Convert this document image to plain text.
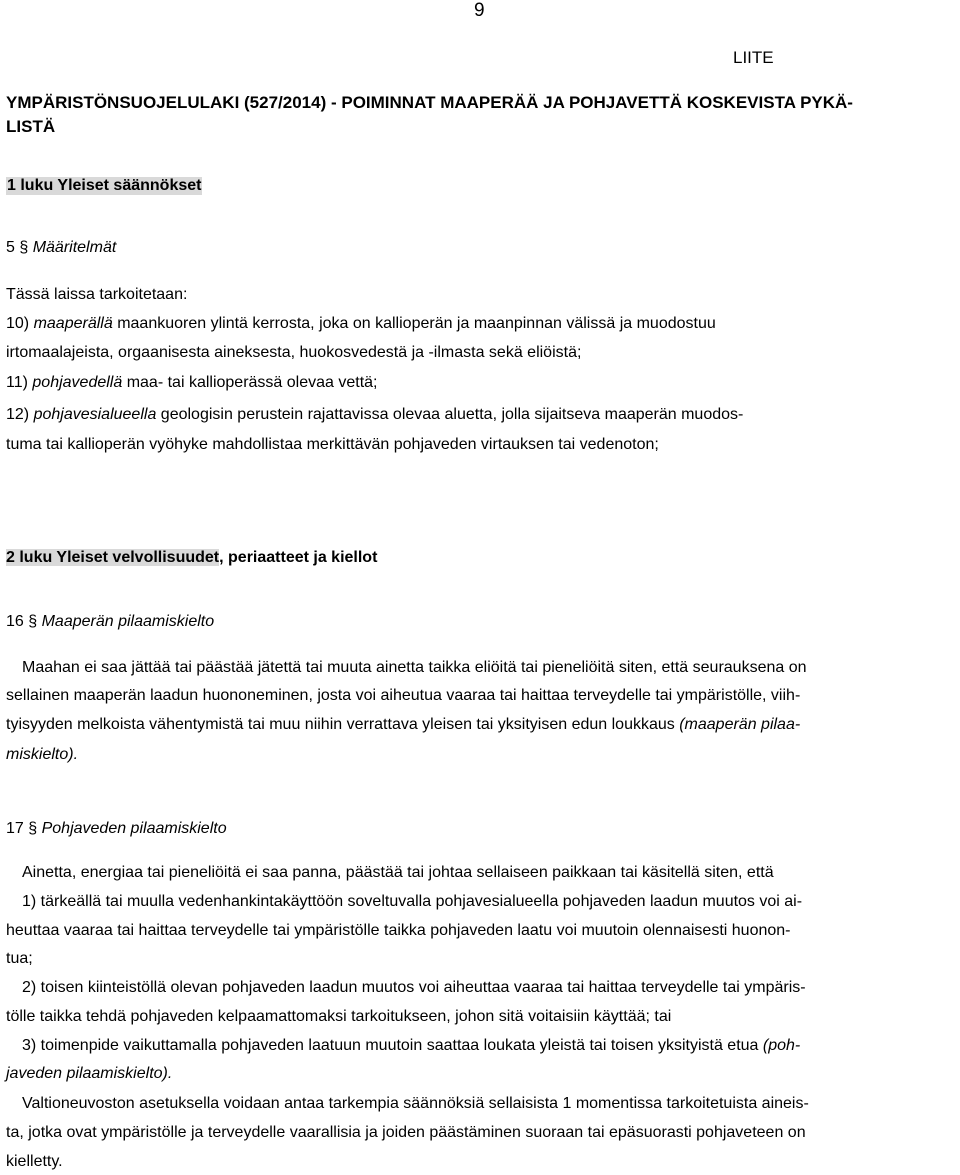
9
LIITE
YMPÄRISTÖNSUOJELULAKI (527/2014) - POIMINNAT MAAPERÄÄ JA POHJAVETTÄ KOSKEVISTA PYKÄ-
LISTÄ
1 luku Yleiset säännökset
5 § Määritelmät
Tässä laissa tarkoitetaan:
10) maaperällä maankuoren ylintä kerrosta, joka on kallioperän ja maanpinnan välissä ja muodostuu
irtomaalajeista, orgaanisesta aineksesta, huokosvedestä ja -ilmasta sekä eliöistä;
11) pohjavedellä maa- tai kallioperässä olevaa vettä;
12) pohjavesialueella geologisin perustein rajattavissa olevaa aluetta, jolla sijaitseva maaperän muodos-
tuma tai kallioperän vyöhyke mahdollistaa merkittävän pohjaveden virtauksen tai vedenoton;
2 luku Yleiset velvollisuudet, periaatteet ja kiellot
16 § Maaperän pilaamiskielto
Maahan ei saa jättää tai päästää jätettä tai muuta ainetta taikka eliöitä tai pieneliöitä siten, että seurauksena on
sellainen maaperän laadun huononeminen, josta voi aiheutua vaaraa tai haittaa terveydelle tai ympäristölle, viih-
tyisyyden melkoista vähentymistä tai muu niihin verrattava yleisen tai yksityisen edun loukkaus (maaperän pilaa-
miskielto).
17 § Pohjaveden pilaamiskielto
Ainetta, energiaa tai pieneliöitä ei saa panna, päästää tai johtaa sellaiseen paikkaan tai käsitellä siten, että
1) tärkeällä tai muulla vedenhankintakäyttöön soveltuvalla pohjavesialueella pohjaveden laadun muutos voi ai-
heuttaa vaaraa tai haittaa terveydelle tai ympäristölle taikka pohjaveden laatu voi muutoin olennaisesti huonon-
tua;
2) toisen kiinteistöllä olevan pohjaveden laadun muutos voi aiheuttaa vaaraa tai haittaa terveydelle tai ympäris-
tölle taikka tehdä pohjaveden kelpaamattomaksi tarkoitukseen, johon sitä voitaisiin käyttää; tai
3) toimenpide vaikuttamalla pohjaveden laatuun muutoin saattaa loukata yleistä tai toisen yksityistä etua (poh-
javeden pilaamiskielto).
Valtioneuvoston asetuksella voidaan antaa tarkempia säännöksiä sellaisista 1 momentissa tarkoitetuista aineis-
ta, jotka ovat ympäristölle ja terveydelle vaarallisia ja joiden päästäminen suoraan tai epäsuorasti pohjaveteen on
kielletty.
